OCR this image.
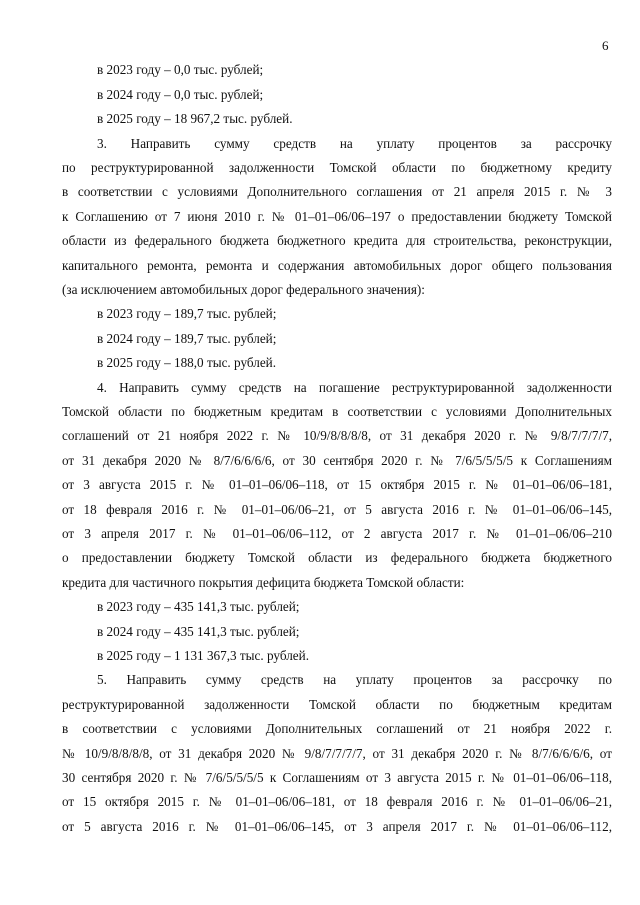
6
в 2023 году – 0,0 тыс. рублей;
в 2024 году – 0,0 тыс. рублей;
в 2025 году – 18 967,2 тыс. рублей.
3. Направить сумму средств на уплату процентов за рассрочку
по реструктурированной задолженности Томской области по бюджетному кредиту
в соответствии с условиями Дополнительного соглашения от 21 апреля 2015 г. № 3
к Соглашению от 7 июня 2010 г. № 01–01–06/06–197 о предоставлении бюджету Томской
области из федерального бюджета бюджетного кредита для строительства, реконструкции,
капитального ремонта, ремонта и содержания автомобильных дорог общего пользования
(за исключением автомобильных дорог федерального значения):
в 2023 году – 189,7 тыс. рублей;
в 2024 году – 189,7 тыс. рублей;
в 2025 году – 188,0 тыс. рублей.
4. Направить сумму средств на погашение реструктурированной задолженности
Томской области по бюджетным кредитам в соответствии с условиями Дополнительных
соглашений от 21 ноября 2022 г. № 10/9/8/8/8/8, от 31 декабря 2020 г. № 9/8/7/7/7/7,
от 31 декабря 2020 № 8/7/6/6/6/6, от 30 сентября 2020 г. № 7/6/5/5/5/5 к Соглашениям
от 3 августа 2015 г. № 01–01–06/06–118, от 15 октября 2015 г. № 01–01–06/06–181,
от 18 февраля 2016 г. № 01–01–06/06–21, от 5 августа 2016 г. № 01–01–06/06–145,
от 3 апреля 2017 г. № 01–01–06/06–112, от 2 августа 2017 г. № 01–01–06/06–210
о предоставлении бюджету Томской области из федерального бюджета бюджетного
кредита для частичного покрытия дефицита бюджета Томской области:
в 2023 году – 435 141,3 тыс. рублей;
в 2024 году – 435 141,3 тыс. рублей;
в 2025 году – 1 131 367,3 тыс. рублей.
5. Направить сумму средств на уплату процентов за рассрочку по
реструктурированной задолженности Томской области по бюджетным кредитам
в соответствии с условиями Дополнительных соглашений от 21 ноября 2022 г.
№ 10/9/8/8/8/8, от 31 декабря 2020 № 9/8/7/7/7/7, от 31 декабря 2020 г. № 8/7/6/6/6/6, от
30 сентября 2020 г. № 7/6/5/5/5/5 к Соглашениям от 3 августа 2015 г. № 01–01–06/06–118,
от 15 октября 2015 г. № 01–01–06/06–181, от 18 февраля 2016 г. № 01–01–06/06–21,
от 5 августа 2016 г. № 01–01–06/06–145, от 3 апреля 2017 г. № 01–01–06/06–112,
